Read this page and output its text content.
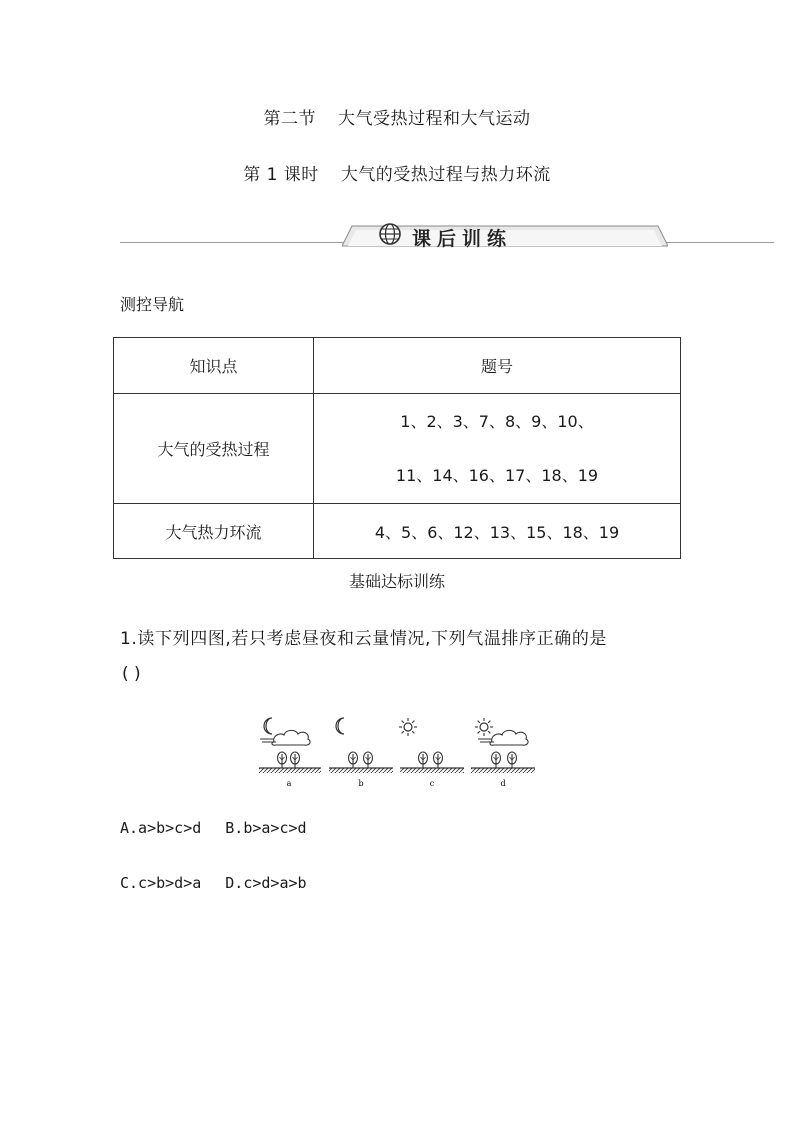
第二节 大气受热过程和大气运动
第 1 课时 大气的受热过程与热力环流
课后训练
测控导航
知识点	题号
大气的受热过程	1、2、3、7、8、9、10、
11、14、16、17、18、19

大气热力环流	4、5、6、12、13、15、18、19
基础达标训练
1.读下列四图,若只考虑昼夜和云量情况,下列气温排序正确的是
( )
a	b	c	d
A.a>b>c>d B.b>a>c>d
C.c>b>d>a D.c>d>a>b
